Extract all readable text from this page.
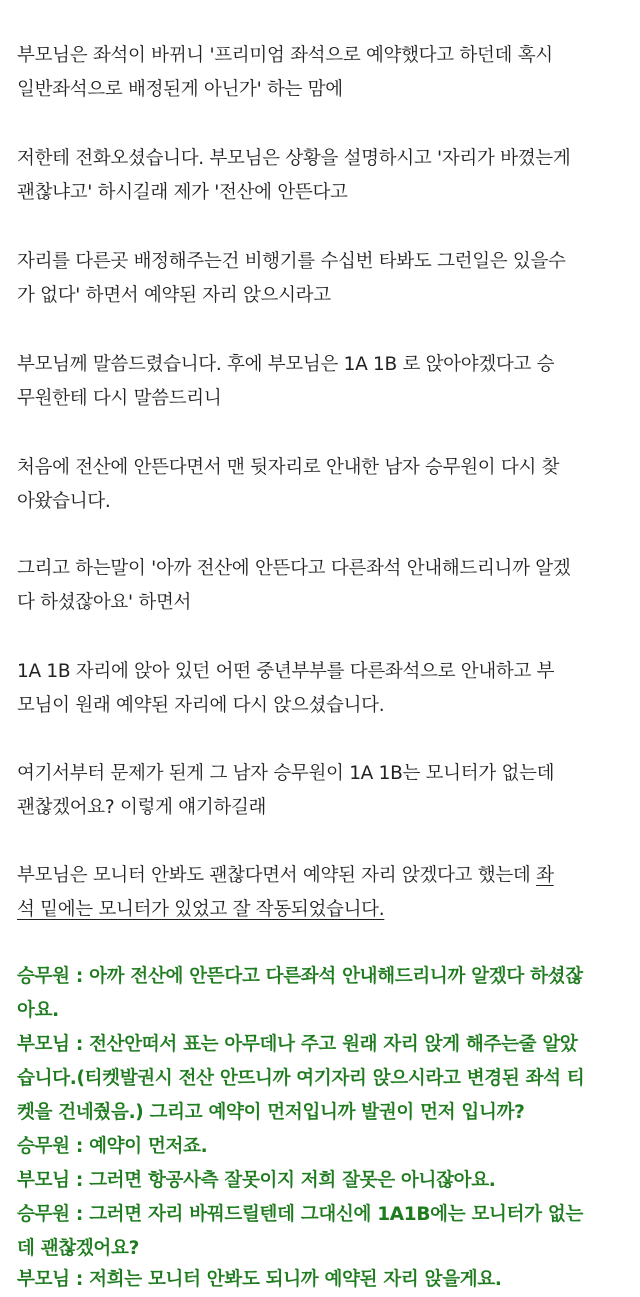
부모님은 좌석이 바뀌니 '프리미엄 좌석으로 예약했다고 하던데 혹시
일반좌석으로 배정된게 아닌가' 하는 맘에

저한테 전화오셨습니다. 부모님은 상황을 설명하시고 '자리가 바꼈는게
괜찮냐고' 하시길래 제가 '전산에 안뜬다고

자리를 다른곳 배정해주는건 비행기를 수십번 타봐도 그런일은 있을수
가 없다' 하면서 예약된 자리 앉으시라고

부모님께 말씀드렸습니다. 후에 부모님은 1A 1B 로 앉아야겠다고 승
무원한테 다시 말씀드리니

처음에 전산에 안뜬다면서 맨 뒷자리로 안내한 남자 승무원이 다시 찾
아왔습니다.

그리고 하는말이 '아까 전산에 안뜬다고 다른좌석 안내해드리니까 알겠
다 하셨잖아요' 하면서

1A 1B 자리에 앉아 있던 어떤 중년부부를 다른좌석으로 안내하고 부
모님이 원래 예약된 자리에 다시 앉으셨습니다.

여기서부터 문제가 된게 그 남자 승무원이 1A 1B는 모니터가 없는데
괜찮겠어요? 이렇게 얘기하길래

부모님은 모니터 안봐도 괜찮다면서 예약된 자리 앉겠다고 했는데 좌
석 밑에는 모니터가 있었고 잘 작동되었습니다.

승무원 : 아까 전산에 안뜬다고 다른좌석 안내해드리니까 알겠다 하셨잖

아요.

부모님 : 전산안떠서 표는 아무데나 주고 원래 자리 앉게 해주는줄 알았

습니다.(티켓발권시 전산 안뜨니까 여기자리 앉으시라고 변경된 좌석 티

켓을 건네줬음.) 그리고 예약이 먼저입니까 발권이 먼저 입니까?

승무원 : 예약이 먼저죠.

부모님 : 그러면 항공사측 잘못이지 저희 잘못은 아니잖아요.

승무원 : 그러면 자리 바꿔드릴텐데 그대신에 1A1B에는 모니터가 없는

데 괜찮겠어요?

부모님 : 저희는 모니터 안봐도 되니까 예약된 자리 앉을게요.
